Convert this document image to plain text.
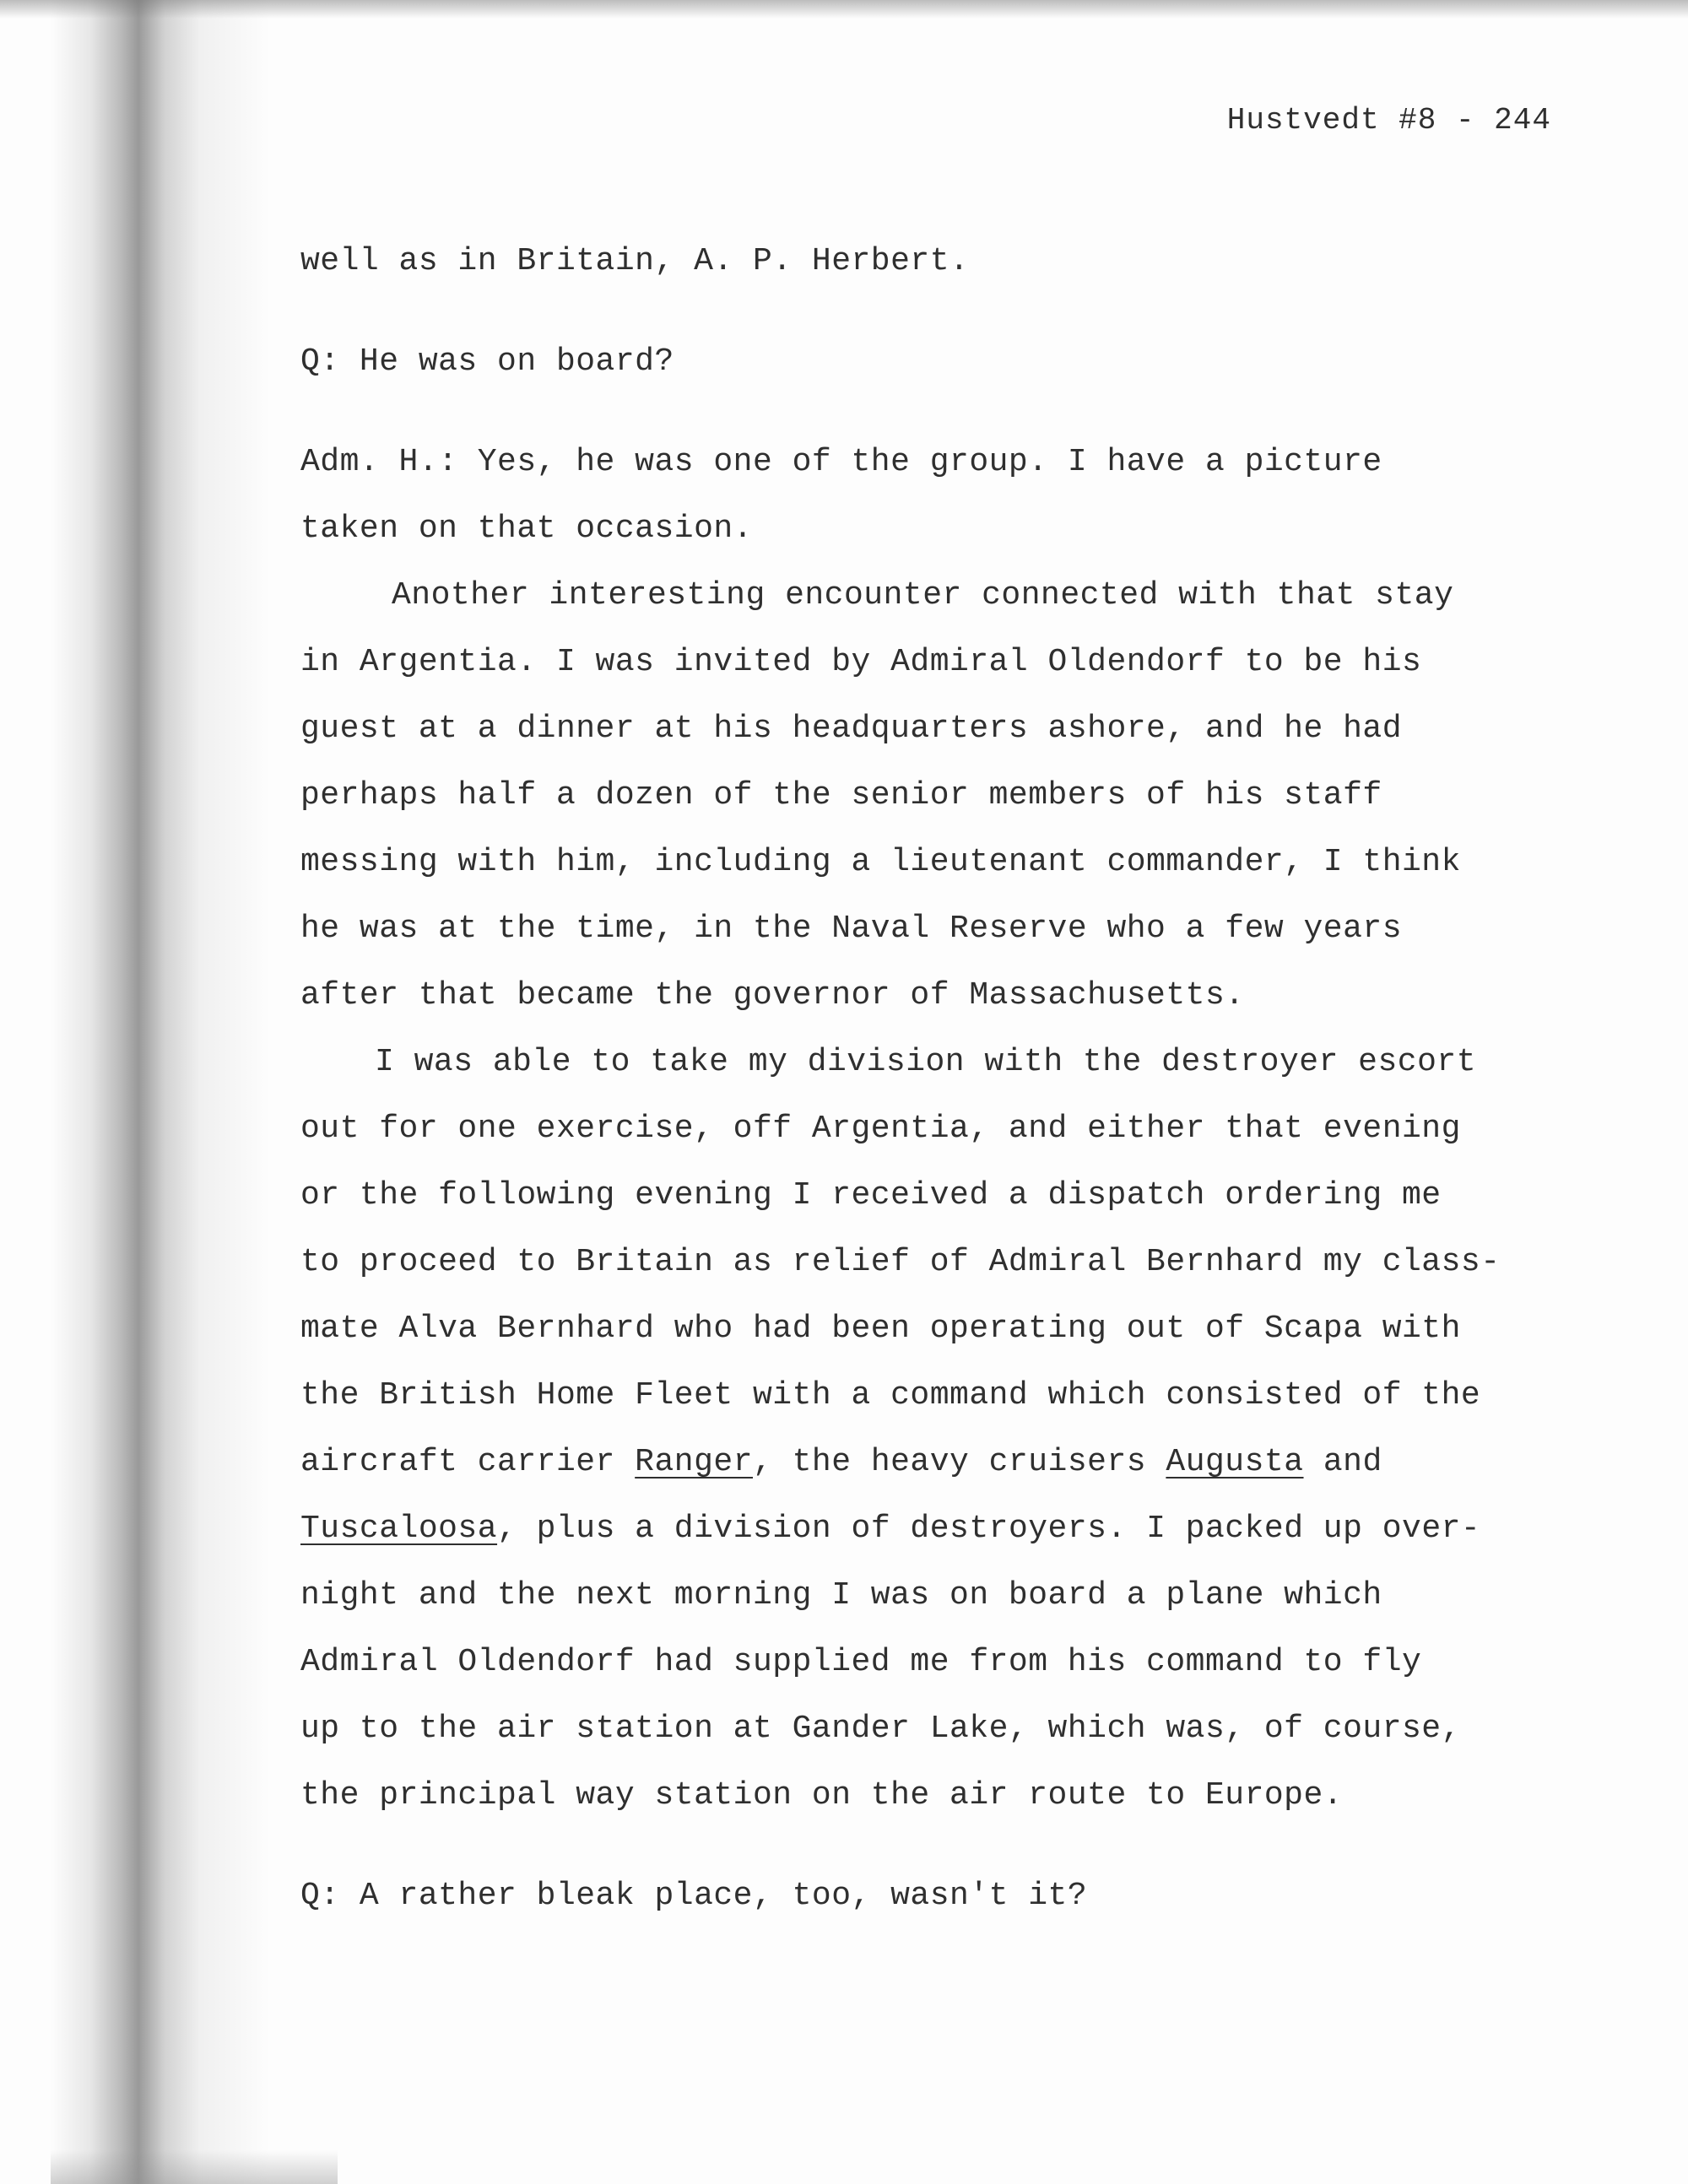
Hustvedt #8 - 244
well as in Britain, A. P. Herbert.
Q: He was on board?
Adm. H.: Yes, he was one of the group. I have a picture
taken on that occasion.
Another interesting encounter connected with that stay
in Argentia. I was invited by Admiral Oldendorf to be his
guest at a dinner at his headquarters ashore, and he had
perhaps half a dozen of the senior members of his staff
messing with him, including a lieutenant commander, I think
he was at the time, in the Naval Reserve who a few years
after that became the governor of Massachusetts.
I was able to take my division with the destroyer escort
out for one exercise, off Argentia, and either that evening
or the following evening I received a dispatch ordering me
to proceed to Britain as relief of Admiral Bernhard my class-
mate Alva Bernhard who had been operating out of Scapa with
the British Home Fleet with a command which consisted of the
aircraft carrier Ranger, the heavy cruisers Augusta and
Tuscaloosa, plus a division of destroyers. I packed up over-
night and the next morning I was on board a plane which
Admiral Oldendorf had supplied me from his command to fly
up to the air station at Gander Lake, which was, of course,
the principal way station on the air route to Europe.
Q: A rather bleak place, too, wasn't it?
